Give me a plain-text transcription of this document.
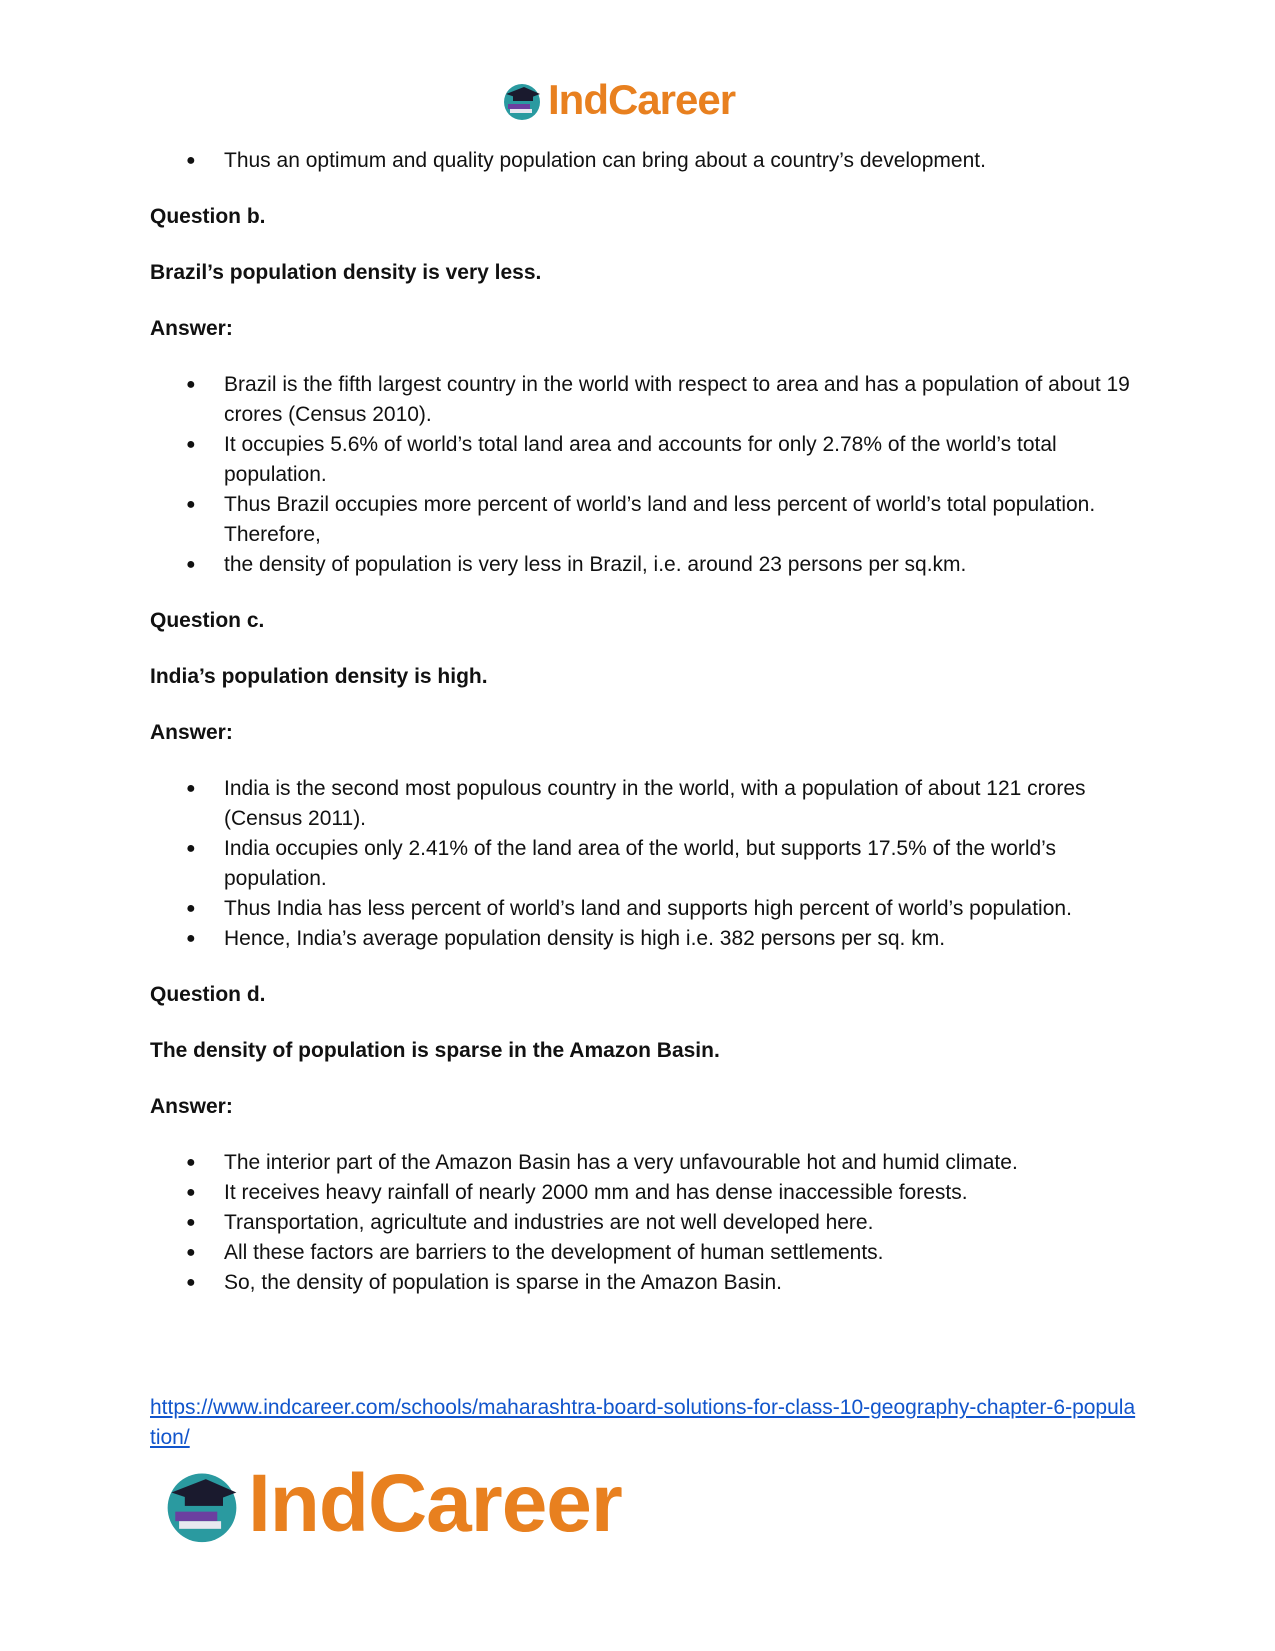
IndCareer
● Thus an optimum and quality population can bring about a country’s development.

Question b.

Brazil’s population density is very less.

Answer:

● Brazil is the fifth largest country in the world with respect to area and has a population of about 19 crores (Census 2010).
● It occupies 5.6% of world’s total land area and accounts for only 2.78% of the world’s total population.
● Thus Brazil occupies more percent of world’s land and less percent of world’s total population. Therefore,
● the density of population is very less in Brazil, i.e. around 23 persons per sq.km.

Question c.

India’s population density is high.

Answer:

● India is the second most populous country in the world, with a population of about 121 crores (Census 2011).
● India occupies only 2.41% of the land area of the world, but supports 17.5% of the world’s population.
● Thus India has less percent of world’s land and supports high percent of world’s population.
● Hence, India’s average population density is high i.e. 382 persons per sq. km.

Question d.

The density of population is sparse in the Amazon Basin.

Answer:

● The interior part of the Amazon Basin has a very unfavourable hot and humid climate.
● It receives heavy rainfall of nearly 2000 mm and has dense inaccessible forests.
● Transportation, agricultute and industries are not well developed here.
● All these factors are barriers to the development of human settlements.
● So, the density of population is sparse in the Amazon Basin.
https://www.indcareer.com/schools/maharashtra-board-solutions-for-class-10-geography-chapter-6-population/
IndCareer
